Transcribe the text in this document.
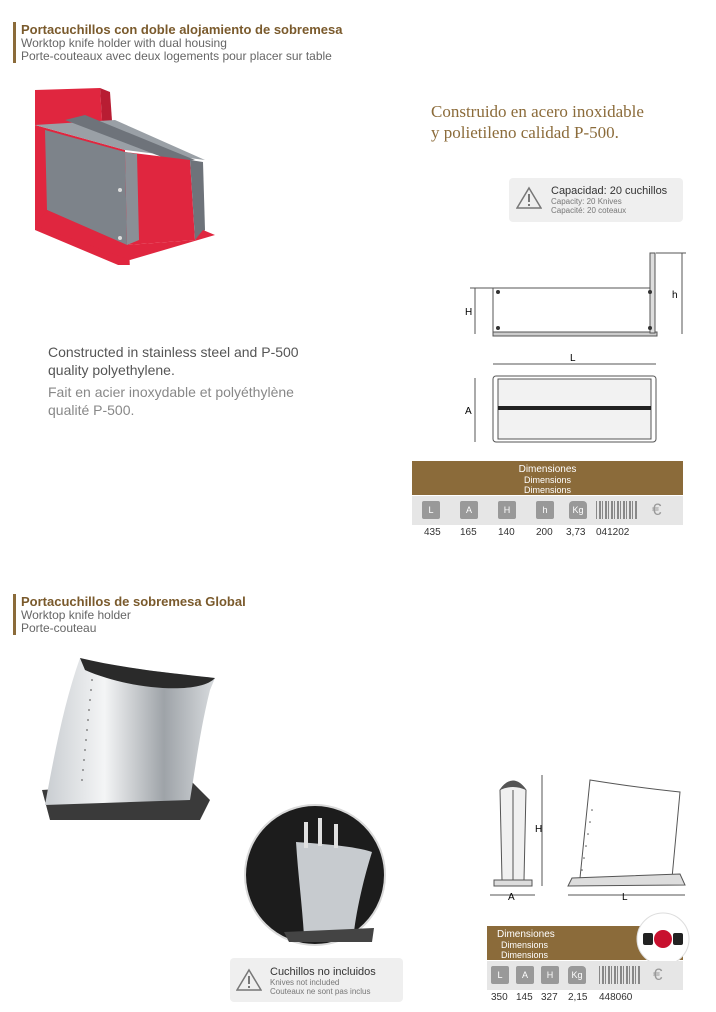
Portacuchillos con doble alojamiento de sobremesa
Worktop knife holder with dual housing
Porte-couteaux avec deux logements pour placer sur table
Construido en acero inoxidable
y polietileno calidad P-500.
Capacidad: 20 cuchillos
Capacity: 20 Knives
Capacité: 20 coteaux
H
h
L
A
Constructed in stainless steel and P-500
quality polyethylene.
Fait en acier inoxydable et polyéthylène
qualité P-500.
Dimensiones
Dimensions
Dimensions
L	A	H	h	Kg	€
435 165 140 200 3,73 041202
Portacuchillos de sobremesa Global
Worktop knife holder
Porte-couteau
H
A	L
Dimensiones
Dimensions
Dimensions
L	A	H	Kg	€
350 145 327 2,15 448060
Cuchillos no incluidos
Knives not included
Couteaux ne sont pas inclus
